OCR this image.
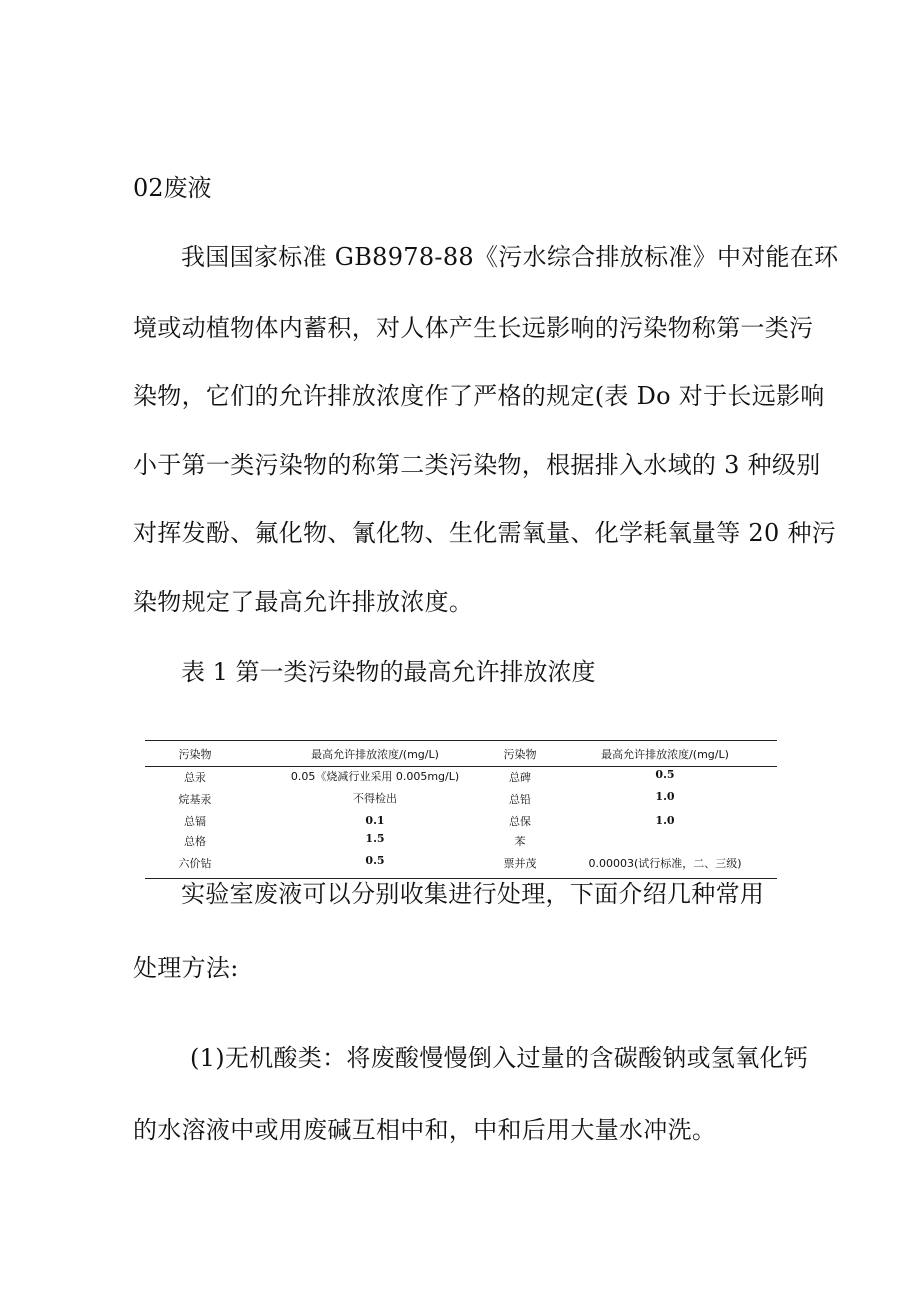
02废液
我国国家标准 GB8978-88《污水综合排放标准》中对能在环
境或动植物体内蓄积，对人体产生长远影响的污染物称第一类污
染物，它们的允许排放浓度作了严格的规定(表 Do 对于长远影响
小于第一类污染物的称第二类污染物，根据排入水域的 3 种级别
对挥发酚、氟化物、氰化物、生化需氧量、化学耗氧量等 20 种污
染物规定了最高允许排放浓度。
表 1 第一类污染物的最高允许排放浓度
污染物	最高允许排放浓度/(mg/L)	污染物	最高允许排放浓度/(mg/L)
总汞	0.05《烧减行业采用 0.005mg/L)	总碑	0.5
烷基汞	不得检出	总铅	1.0
总镉	0.1	总保	1.0
总格	1.5	苯
六价钻	0.5	票并茂	0.00003(试行标准，二、三级)
实验室废液可以分别收集进行处理，下面介绍几种常用
处理方法:
(1)无机酸类：将废酸慢慢倒入过量的含碳酸钠或氢氧化钙
的水溶液中或用废碱互相中和，中和后用大量水冲洗。
